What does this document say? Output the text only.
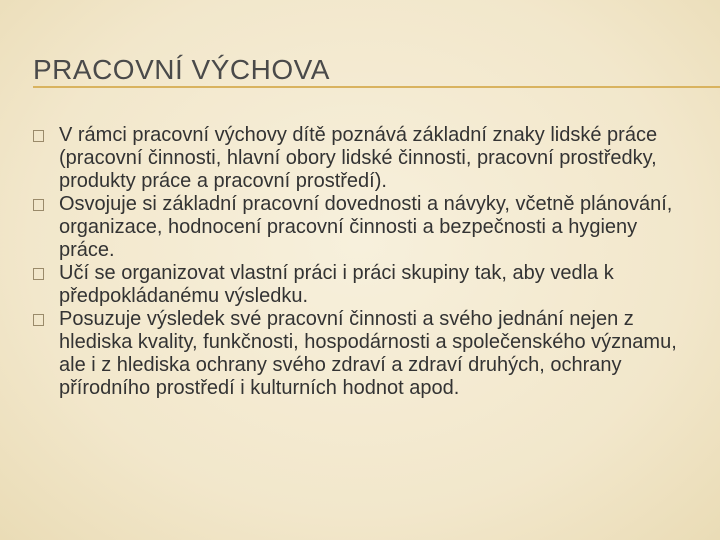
PRACOVNÍ VÝCHOVA
V rámci pracovní výchovy dítě poznává základní znaky lidské práce (pracovní činnosti, hlavní obory lidské činnosti, pracovní prostředky, produkty práce a pracovní prostředí).
Osvojuje si základní pracovní dovednosti a návyky, včetně plánování, organizace, hodnocení pracovní činnosti a bezpečnosti a hygieny práce.
Učí se organizovat vlastní práci i práci skupiny tak, aby vedla k předpokládanému výsledku.
Posuzuje výsledek své pracovní činnosti a svého jednání nejen z hlediska kvality, funkčnosti, hospodárnosti a společenského významu, ale i z hlediska ochrany svého zdraví a zdraví druhých, ochrany přírodního prostředí i kulturních hodnot apod.
